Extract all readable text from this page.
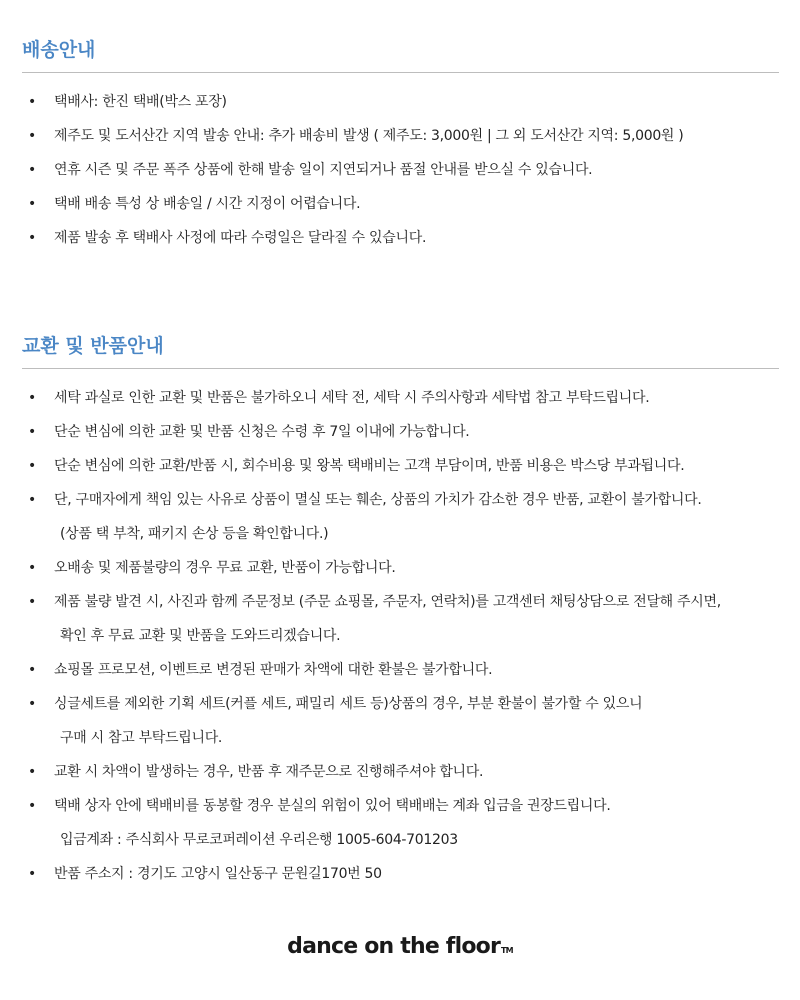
배송안내
• 택배사: 한진 택배(박스 포장)
• 제주도 및 도서산간 지역 발송 안내: 추가 배송비 발생 ( 제주도: 3,000원 | 그 외 도서산간 지역: 5,000원 )
• 연휴 시즌 및 주문 폭주 상품에 한해 발송 일이 지연되거나 품절 안내를 받으실 수 있습니다.
• 택배 배송 특성 상 배송일 / 시간 지정이 어렵습니다.
• 제품 발송 후 택배사 사정에 따라 수령일은 달라질 수 있습니다.
교환 및 반품안내
• 세탁 과실로 인한 교환 및 반품은 불가하오니 세탁 전, 세탁 시 주의사항과 세탁법 참고 부탁드립니다.
• 단순 변심에 의한 교환 및 반품 신청은 수령 후 7일 이내에 가능합니다.
• 단순 변심에 의한 교환/반품 시, 회수비용 및 왕복 택배비는 고객 부담이며, 반품 비용은 박스당 부과됩니다.
• 단, 구매자에게 책임 있는 사유로 상품이 멸실 또는 훼손, 상품의 가치가 감소한 경우 반품, 교환이 불가합니다.
(상품 택 부착, 패키지 손상 등을 확인합니다.)
• 오배송 및 제품불량의 경우 무료 교환, 반품이 가능합니다.
• 제품 불량 발견 시, 사진과 함께 주문정보 (주문 쇼핑몰, 주문자, 연락처)를 고객센터 채팅상담으로 전달해 주시면,
확인 후 무료 교환 및 반품을 도와드리겠습니다.
• 쇼핑몰 프로모션, 이벤트로 변경된 판매가 차액에 대한 환불은 불가합니다.
• 싱글세트를 제외한 기획 세트(커플 세트, 패밀리 세트 등)상품의 경우, 부분 환불이 불가할 수 있으니
구매 시 참고 부탁드립니다.
• 교환 시 차액이 발생하는 경우, 반품 후 재주문으로 진행해주셔야 합니다.
• 택배 상자 안에 택배비를 동봉할 경우 분실의 위험이 있어 택배배는 계좌 입금을 권장드립니다.
입금계좌 : 주식회사 무로코퍼레이션 우리은행 1005-604-701203
• 반품 주소지 : 경기도 고양시 일산동구 문원길170번 50
dance on the floorTM
